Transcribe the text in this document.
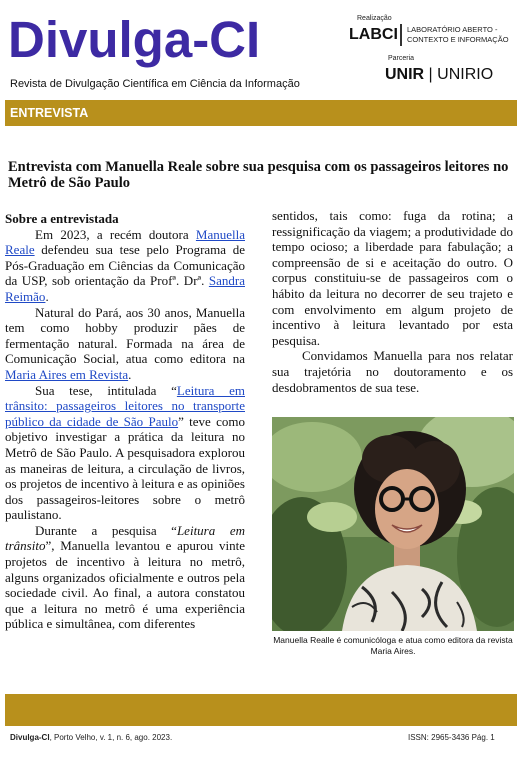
Divulga-CI
Revista de Divulgação Científica em Ciência da Informação
Realização
LABCI LABORATÓRIO ABERTO - CONTEXTO E INFORMAÇÃO
Parceria
UNIR | UNIRIO
ENTREVISTA
Entrevista com Manuella Reale sobre sua pesquisa com os passageiros leitores no Metrô de São Paulo

Sobre a entrevistada

Em 2023, a recém doutora Manuella Reale defendeu sua tese pelo Programa de Pós-Graduação em Ciências da Comunicação da USP, sob orientação da Profª. Drª. Sandra Reimão.

Natural do Pará, aos 30 anos, Manuella tem como hobby produzir pães de fermentação natural. Formada na área de Comunicação Social, atua como editora na Maria Aires em Revista.

Sua tese, intitulada “Leitura em trânsito: passageiros leitores no transporte público da cidade de São Paulo” teve como objetivo investigar a prática da leitura no Metrô de São Paulo. A pesquisadora explorou as maneiras de leitura, a circulação de livros, os projetos de incentivo à leitura e as opiniões dos passageiros-leitores sobre o metrô paulistano.

Durante a pesquisa “Leitura em trânsito”, Manuella levantou e apurou vinte projetos de incentivo à leitura no metrô, alguns organizados oficialmente e outros pela sociedade civil. Ao final, a autora constatou que a leitura no metrô é uma experiência pública e simultânea, com diferentes

sentidos, tais como: fuga da rotina; a ressignificação da viagem; a produtividade do tempo ocioso; a liberdade para fabulação; a compreensão de si e aceitação do outro. O corpus constituiu-se de passageiros com o hábito da leitura no decorrer de seu trajeto e com envolvimento em algum projeto de incentivo à leitura levantado por esta pesquisa.

Convidamos Manuella para nos relatar sua trajetória no doutoramento e os desdobramentos de sua tese.

Manuella Realle é comunicóloga e atua como editora da revista Maria Aires.
Divulga-CI, Porto Velho, v. 1, n. 6, ago. 2023.	ISSN: 2965-3436 Pág. 1
